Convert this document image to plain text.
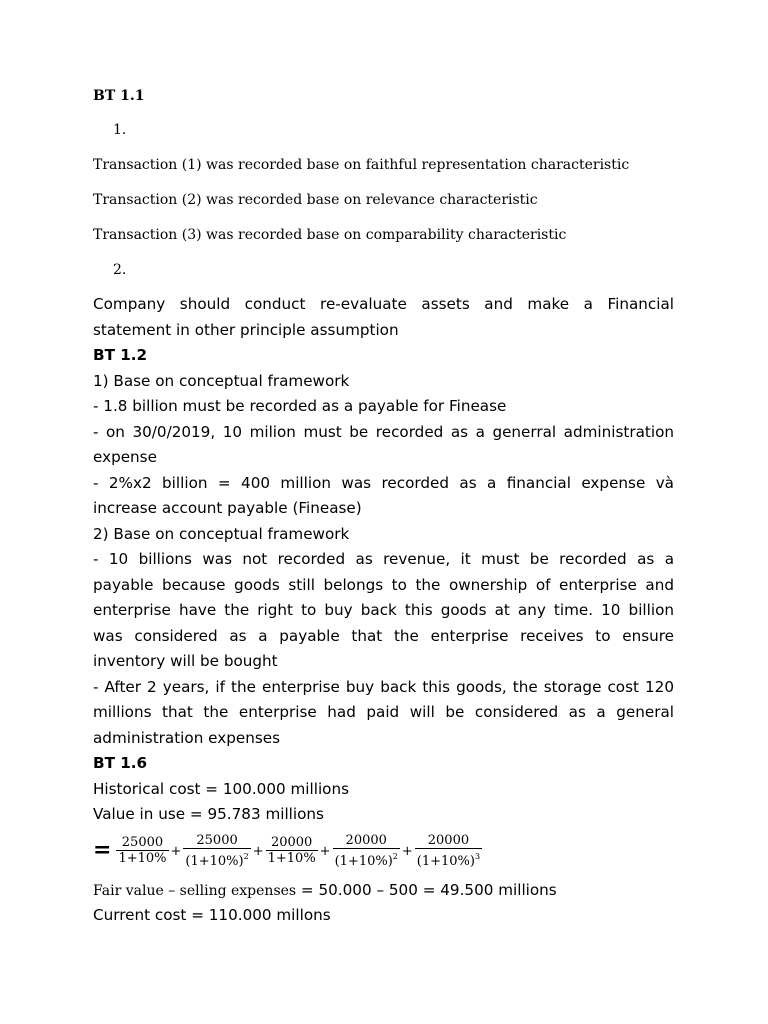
BT 1.1
1.
Transaction (1) was recorded base on faithful representation characteristic
Transaction (2) was recorded base on relevance characteristic
Transaction (3) was recorded base on comparability characteristic
2.
Company should conduct re-evaluate assets and make a Financial
statement in other principle assumption
BT 1.2
1) Base on conceptual framework
- 1.8 billion must be recorded as a payable for Finease
- on 30/0/2019, 10 milion must be recorded as a generral administration
expense
- 2%x2 billion = 400 million was recorded as a financial expense và
increase account payable (Finease)
2) Base on conceptual framework
- 10 billions was not recorded as revenue, it must be recorded as a
payable because goods still belongs to the ownership of enterprise and
enterprise have the right to buy back this goods at any time. 10 billion
was considered as a payable that the enterprise receives to ensure
inventory will be bought
- After 2 years, if the enterprise buy back this goods, the storage cost 120
millions that the enterprise had paid will be considered as a general
administration expenses
BT 1.6
Historical cost = 100.000 millions
Value in use = 95.783 millions
= $\frac{25000}{1+10\%} + \frac{25000}{(1+10\%)^2} + \frac{20000}{1+10\%} + \frac{20000}{(1+10\%)^2} + \frac{20000}{(1+10\%)^3}$
Fair value – selling expenses = 50.000 – 500 = 49.500 millions
Current cost = 110.000 millons
